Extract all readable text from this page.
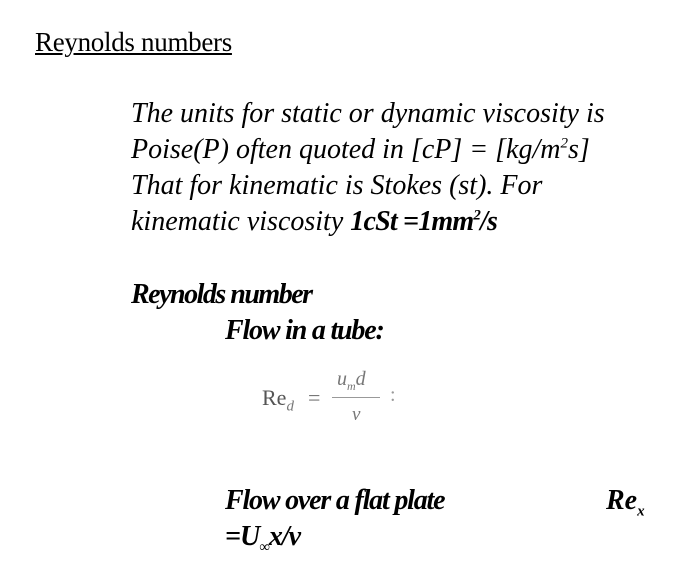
Reynolds numbers
The units for static or dynamic viscosity is
Poise(P) often quoted in $[cP] = [kg/m^2s]$
That for kinematic is Stokes (st). For
kinematic viscosity $1cSt =1mm^2/s$
Reynolds number
Flow in a tube:
$Re_d$ =
$u_md$
ν
:
Flow over a flat plate	$Re_x$
$=U_\infty x/v$
